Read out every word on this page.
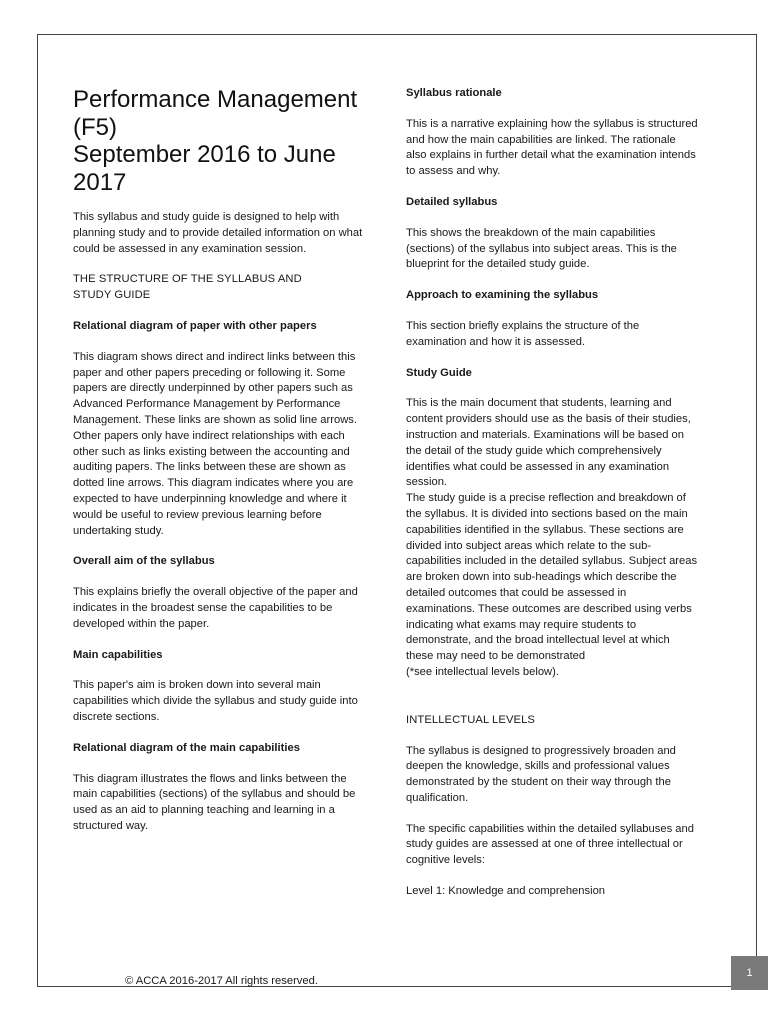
Performance Management
(F5)
September 2016 to June
2017

This syllabus and study guide is designed to help with planning study and to provide detailed information on what could be assessed in any examination session.

THE STRUCTURE OF THE SYLLABUS AND
STUDY GUIDE
Relational diagram of paper with other papers

This diagram shows direct and indirect links between this paper and other papers preceding or following it. Some papers are directly underpinned by other papers such as Advanced Performance Management by Performance Management. These links are shown as solid line arrows. Other papers only have indirect relationships with each other such as links existing between the accounting and auditing papers. The links between these are shown as dotted line arrows. This diagram indicates where you are expected to have underpinning knowledge and where it would be useful to review previous learning before undertaking study.

Overall aim of the syllabus

This explains briefly the overall objective of the paper and indicates in the broadest sense the capabilities to be developed within the paper.

Main capabilities

This paper's aim is broken down into several main capabilities which divide the syllabus and study guide into discrete sections.

Relational diagram of the main capabilities

This diagram illustrates the flows and links between the main capabilities (sections) of the syllabus and should be used as an aid to planning teaching and learning in a structured way.

Syllabus rationale

This is a narrative explaining how the syllabus is structured and how the main capabilities are linked. The rationale also explains in further detail what the examination intends to assess and why.

Detailed syllabus

This shows the breakdown of the main capabilities (sections) of the syllabus into subject areas. This is the blueprint for the detailed study guide.

Approach to examining the syllabus

This section briefly explains the structure of the examination and how it is assessed.

Study Guide

This is the main document that students, learning and content providers should use as the basis of their studies, instruction and materials. Examinations will be based on the detail of the study guide which comprehensively identifies what could be assessed in any examination session.

The study guide is a precise reflection and breakdown of the syllabus. It is divided into sections based on the main capabilities identified in the syllabus. These sections are divided into subject areas which relate to the sub-capabilities included in the detailed syllabus. Subject areas are broken down into sub-headings which describe the detailed outcomes that could be assessed in examinations. These outcomes are described using verbs indicating what exams may require students to demonstrate, and the broad intellectual level at which these may need to be demonstrated

(*see intellectual levels below).

INTELLECTUAL LEVELS

The syllabus is designed to progressively broaden and deepen the knowledge, skills and professional values demonstrated by the student on their way through the qualification.

The specific capabilities within the detailed syllabuses and study guides are assessed at one of three intellectual or cognitive levels:

Level 1: Knowledge and comprehension

© ACCA 2016-2017 All rights reserved.
1
